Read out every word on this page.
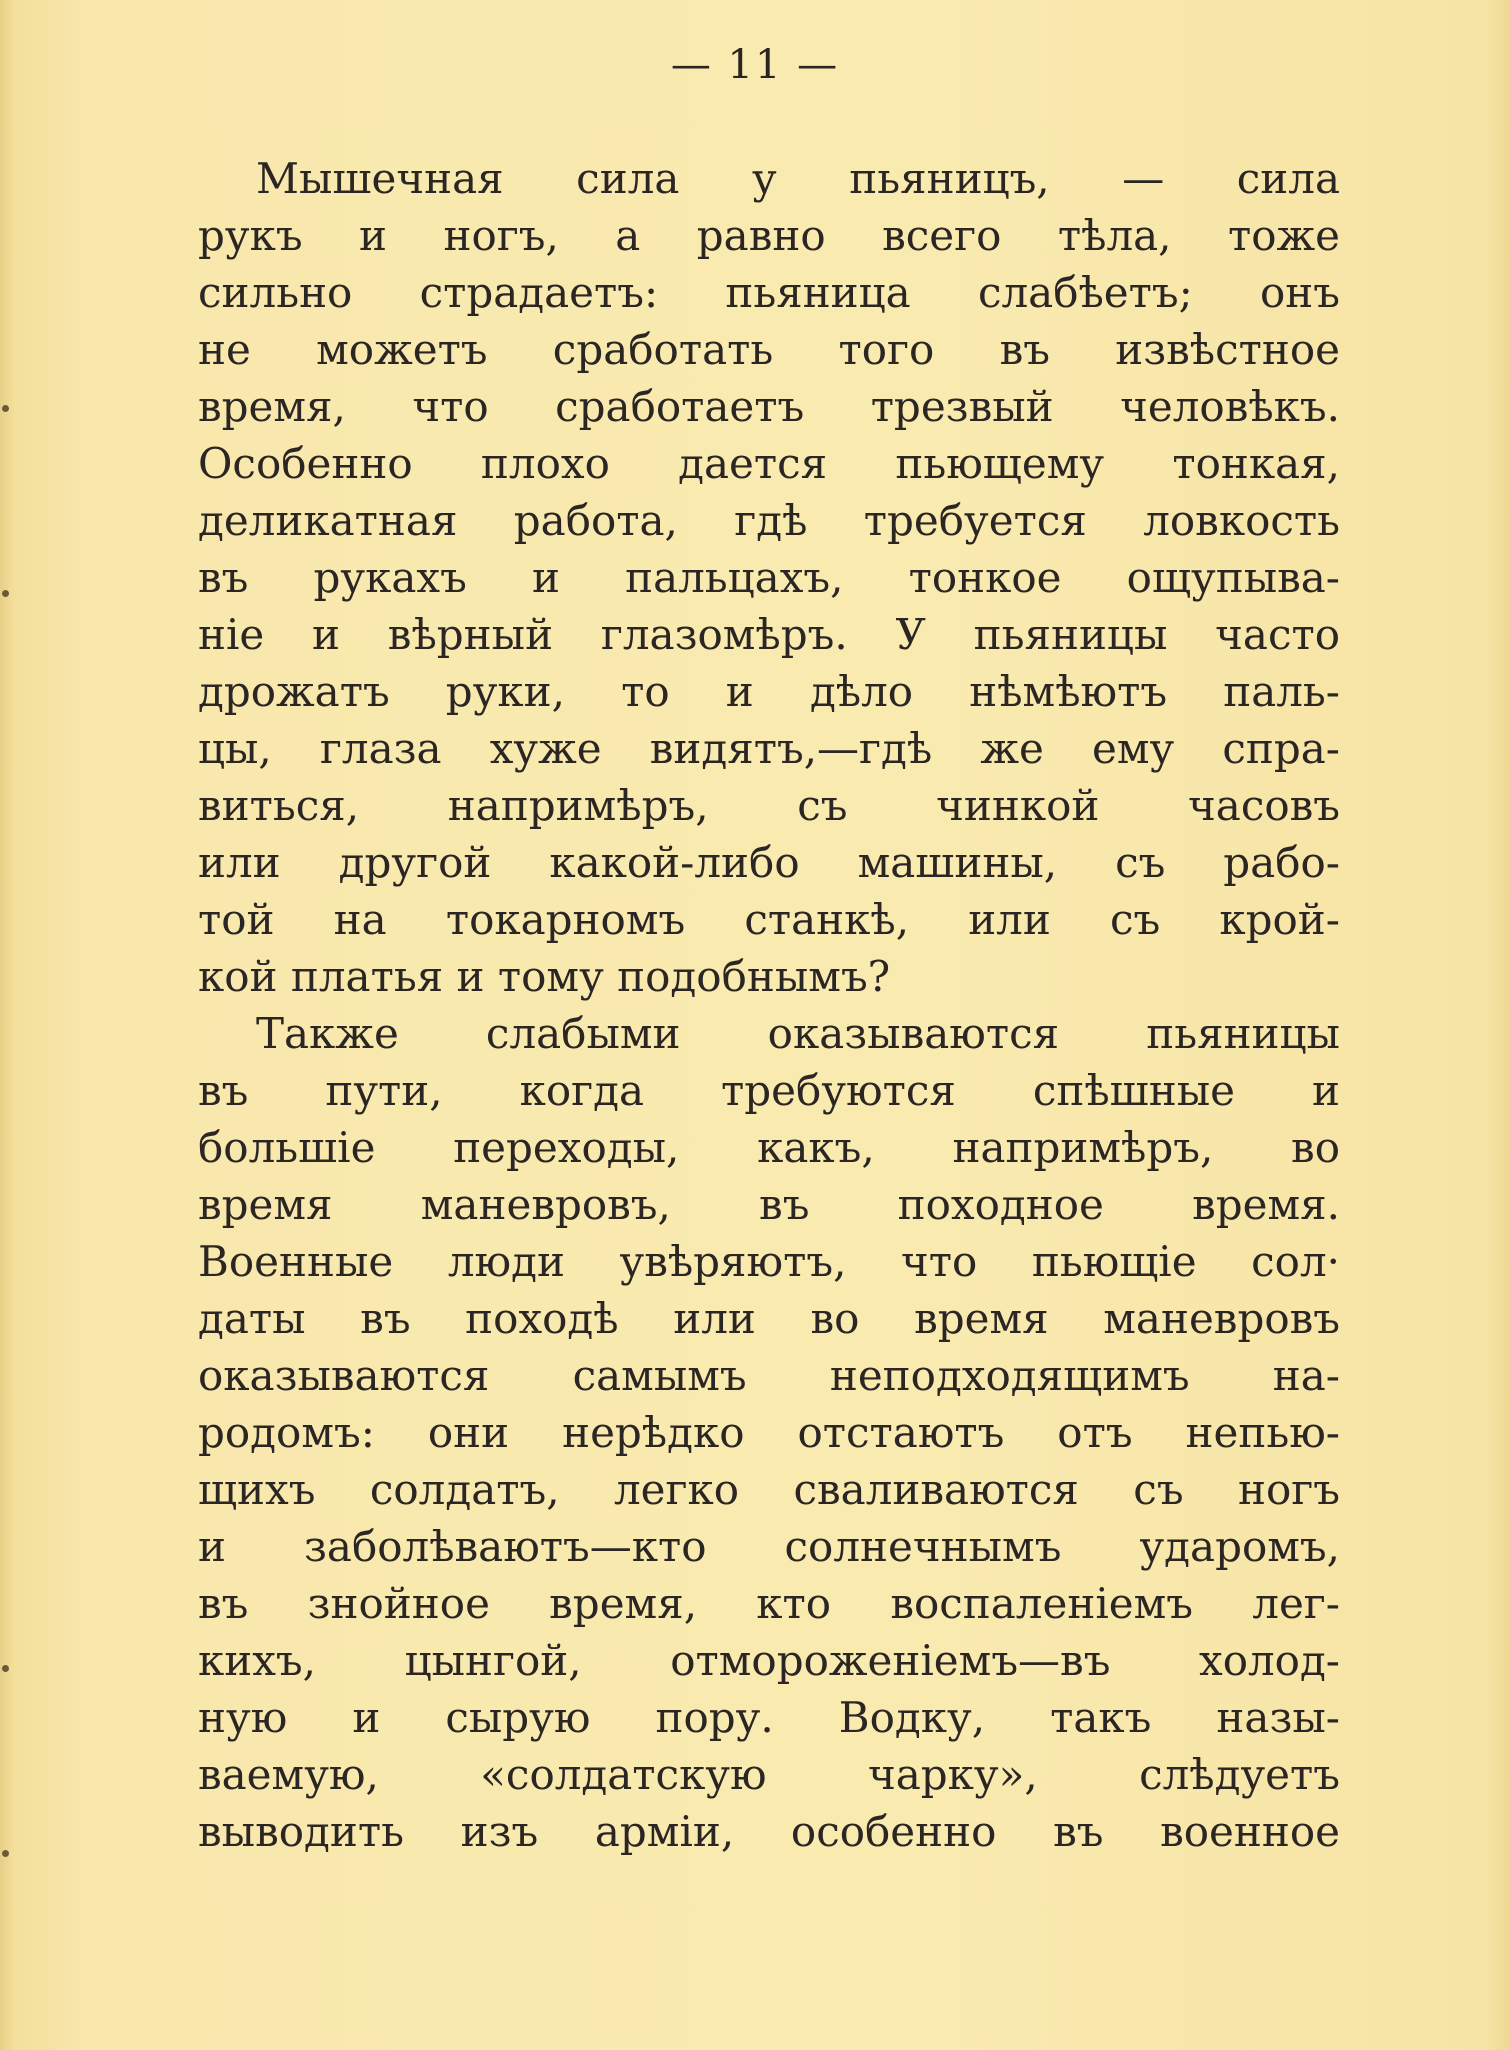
— 11 —
Мышечная сила у пьяницъ, — сила
рукъ и ногъ, а равно всего тѣла, тоже
сильно страдаетъ: пьяница слабѣетъ; онъ
не можетъ сработать того въ извѣстное
время, что сработаетъ трезвый человѣкъ.
Особенно плохо дается пьющему тонкая,
деликатная работа, гдѣ требуется ловкость
въ рукахъ и пальцахъ, тонкое ощупыва-
нiе и вѣрный глазомѣръ. У пьяницы часто
дрожатъ руки, то и дѣло нѣмѣютъ паль-
цы, глаза хуже видятъ,—гдѣ же ему спра-
виться, напримѣръ, съ чинкой часовъ
или другой какой-либо машины, съ рабо-
той на токарномъ станкѣ, или съ крой-
кой платья и тому подобнымъ?
Также слабыми оказываются пьяницы
въ пути, когда требуются спѣшные и
большiе переходы, какъ, напримѣръ, во
время маневровъ, въ походное время.
Военные люди увѣряютъ, что пьющiе сол·
даты въ походѣ или во время маневровъ
оказываются самымъ неподходящимъ на-
родомъ: они нерѣдко отстаютъ отъ непью-
щихъ солдатъ, легко сваливаются съ ногъ
и заболѣваютъ—кто солнечнымъ ударомъ,
въ знойное время, кто воспаленiемъ лег-
кихъ, цынгой, отмороженiемъ—въ холод-
ную и сырую пору. Водку, такъ назы-
ваемую, «солдатскую чарку», слѣдуетъ
выводить изъ армiи, особенно въ военное
